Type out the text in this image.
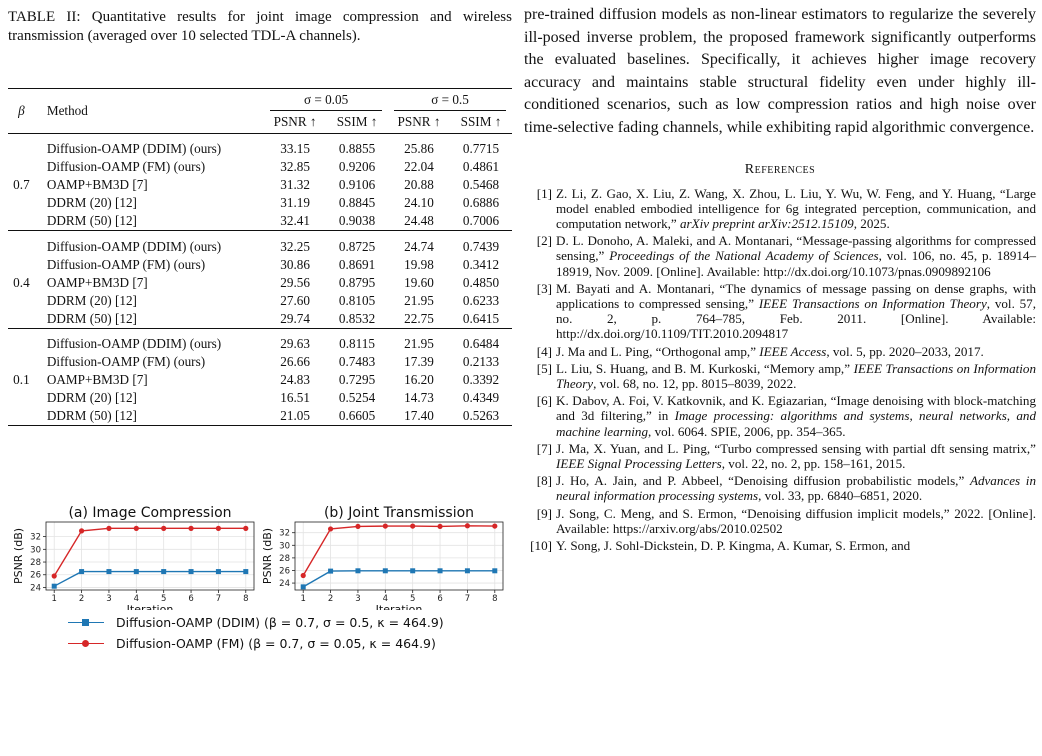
TABLE II: Quantitative results for joint image compression and wireless transmission (averaged over 10 selected TDL-A channels).
β	Method	σ = 0.05		σ = 0.5	
		PSNR ↑	SSIM ↑	PSNR ↑	SSIM ↑
	Diffusion-OAMP (DDIM) (ours)	33.15	0.8855	25.86	0.7715
	Diffusion-OAMP (FM) (ours)	32.85	0.9206	22.04	0.4861
0.7	OAMP+BM3D [7]	31.32	0.9106	20.88	0.5468
	DDRM (20) [12]	31.19	0.8845	24.10	0.6886
	DDRM (50) [12]	32.41	0.9038	24.48	0.7006
	Diffusion-OAMP (DDIM) (ours)	32.25	0.8725	24.74	0.7439
	Diffusion-OAMP (FM) (ours)	30.86	0.8691	19.98	0.3412
0.4	OAMP+BM3D [7]	29.56	0.8795	19.60	0.4850
	DDRM (20) [12]	27.60	0.8105	21.95	0.6233
	DDRM (50) [12]	29.74	0.8532	22.75	0.6415
	Diffusion-OAMP (DDIM) (ours)	29.63	0.8115	21.95	0.6484
	Diffusion-OAMP (FM) (ours)	26.66	0.7483	17.39	0.2133
0.1	OAMP+BM3D [7]	24.83	0.7295	16.20	0.3392
	DDRM (20) [12]	16.51	0.5254	14.73	0.4349
	DDRM (50) [12]	21.05	0.6605	17.40	0.5263
(a) Image Compression
1	2	3	4	5	6	7	8
24
26
28
30
32
Iteration
PSNR (dB)
(b) Joint Transmission
1	2	3	4	5	6	7	8
24
26
28
30
32
Iteration
PSNR (dB)
Diffusion-OAMP (DDIM) (β = 0.7, σ = 0.5, κ = 464.9)
Diffusion-OAMP (FM) (β = 0.7, σ = 0.05, κ = 464.9)
pre-trained diffusion models as non-linear estimators to regularize the severely ill-posed inverse problem, the proposed framework significantly outperforms the evaluated baselines. Specifically, it achieves higher image recovery accuracy and maintains stable structural fidelity even under highly ill-conditioned scenarios, such as low compression ratios and high noise over time-selective fading channels, while exhibiting rapid algorithmic convergence.
References
[1] Z. Li, Z. Gao, X. Liu, Z. Wang, X. Zhou, L. Liu, Y. Wu, W. Feng, and Y. Huang, “Large model enabled embodied intelligence for 6g integrated perception, communication, and computation network,” arXiv preprint arXiv:2512.15109, 2025.
[2] D. L. Donoho, A. Maleki, and A. Montanari, “Message-passing algorithms for compressed sensing,” Proceedings of the National Academy of Sciences, vol. 106, no. 45, p. 18914–18919, Nov. 2009. [Online]. Available: http://dx.doi.org/10.1073/pnas.0909892106
[3] M. Bayati and A. Montanari, “The dynamics of message passing on dense graphs, with applications to compressed sensing,” IEEE Transactions on Information Theory, vol. 57, no. 2, p. 764–785, Feb. 2011. [Online]. Available: http://dx.doi.org/10.1109/TIT.2010.2094817
[4] J. Ma and L. Ping, “Orthogonal amp,” IEEE Access, vol. 5, pp. 2020–2033, 2017.
[5] L. Liu, S. Huang, and B. M. Kurkoski, “Memory amp,” IEEE Transactions on Information Theory, vol. 68, no. 12, pp. 8015–8039, 2022.
[6] K. Dabov, A. Foi, V. Katkovnik, and K. Egiazarian, “Image denoising with block-matching and 3d filtering,” in Image processing: algorithms and systems, neural networks, and machine learning, vol. 6064. SPIE, 2006, pp. 354–365.
[7] J. Ma, X. Yuan, and L. Ping, “Turbo compressed sensing with partial dft sensing matrix,” IEEE Signal Processing Letters, vol. 22, no. 2, pp. 158–161, 2015.
[8] J. Ho, A. Jain, and P. Abbeel, “Denoising diffusion probabilistic models,” Advances in neural information processing systems, vol. 33, pp. 6840–6851, 2020.
[9] J. Song, C. Meng, and S. Ermon, “Denoising diffusion implicit models,” 2022. [Online]. Available: https://arxiv.org/abs/2010.02502
[10] Y. Song, J. Sohl-Dickstein, D. P. Kingma, A. Kumar, S. Ermon, and
